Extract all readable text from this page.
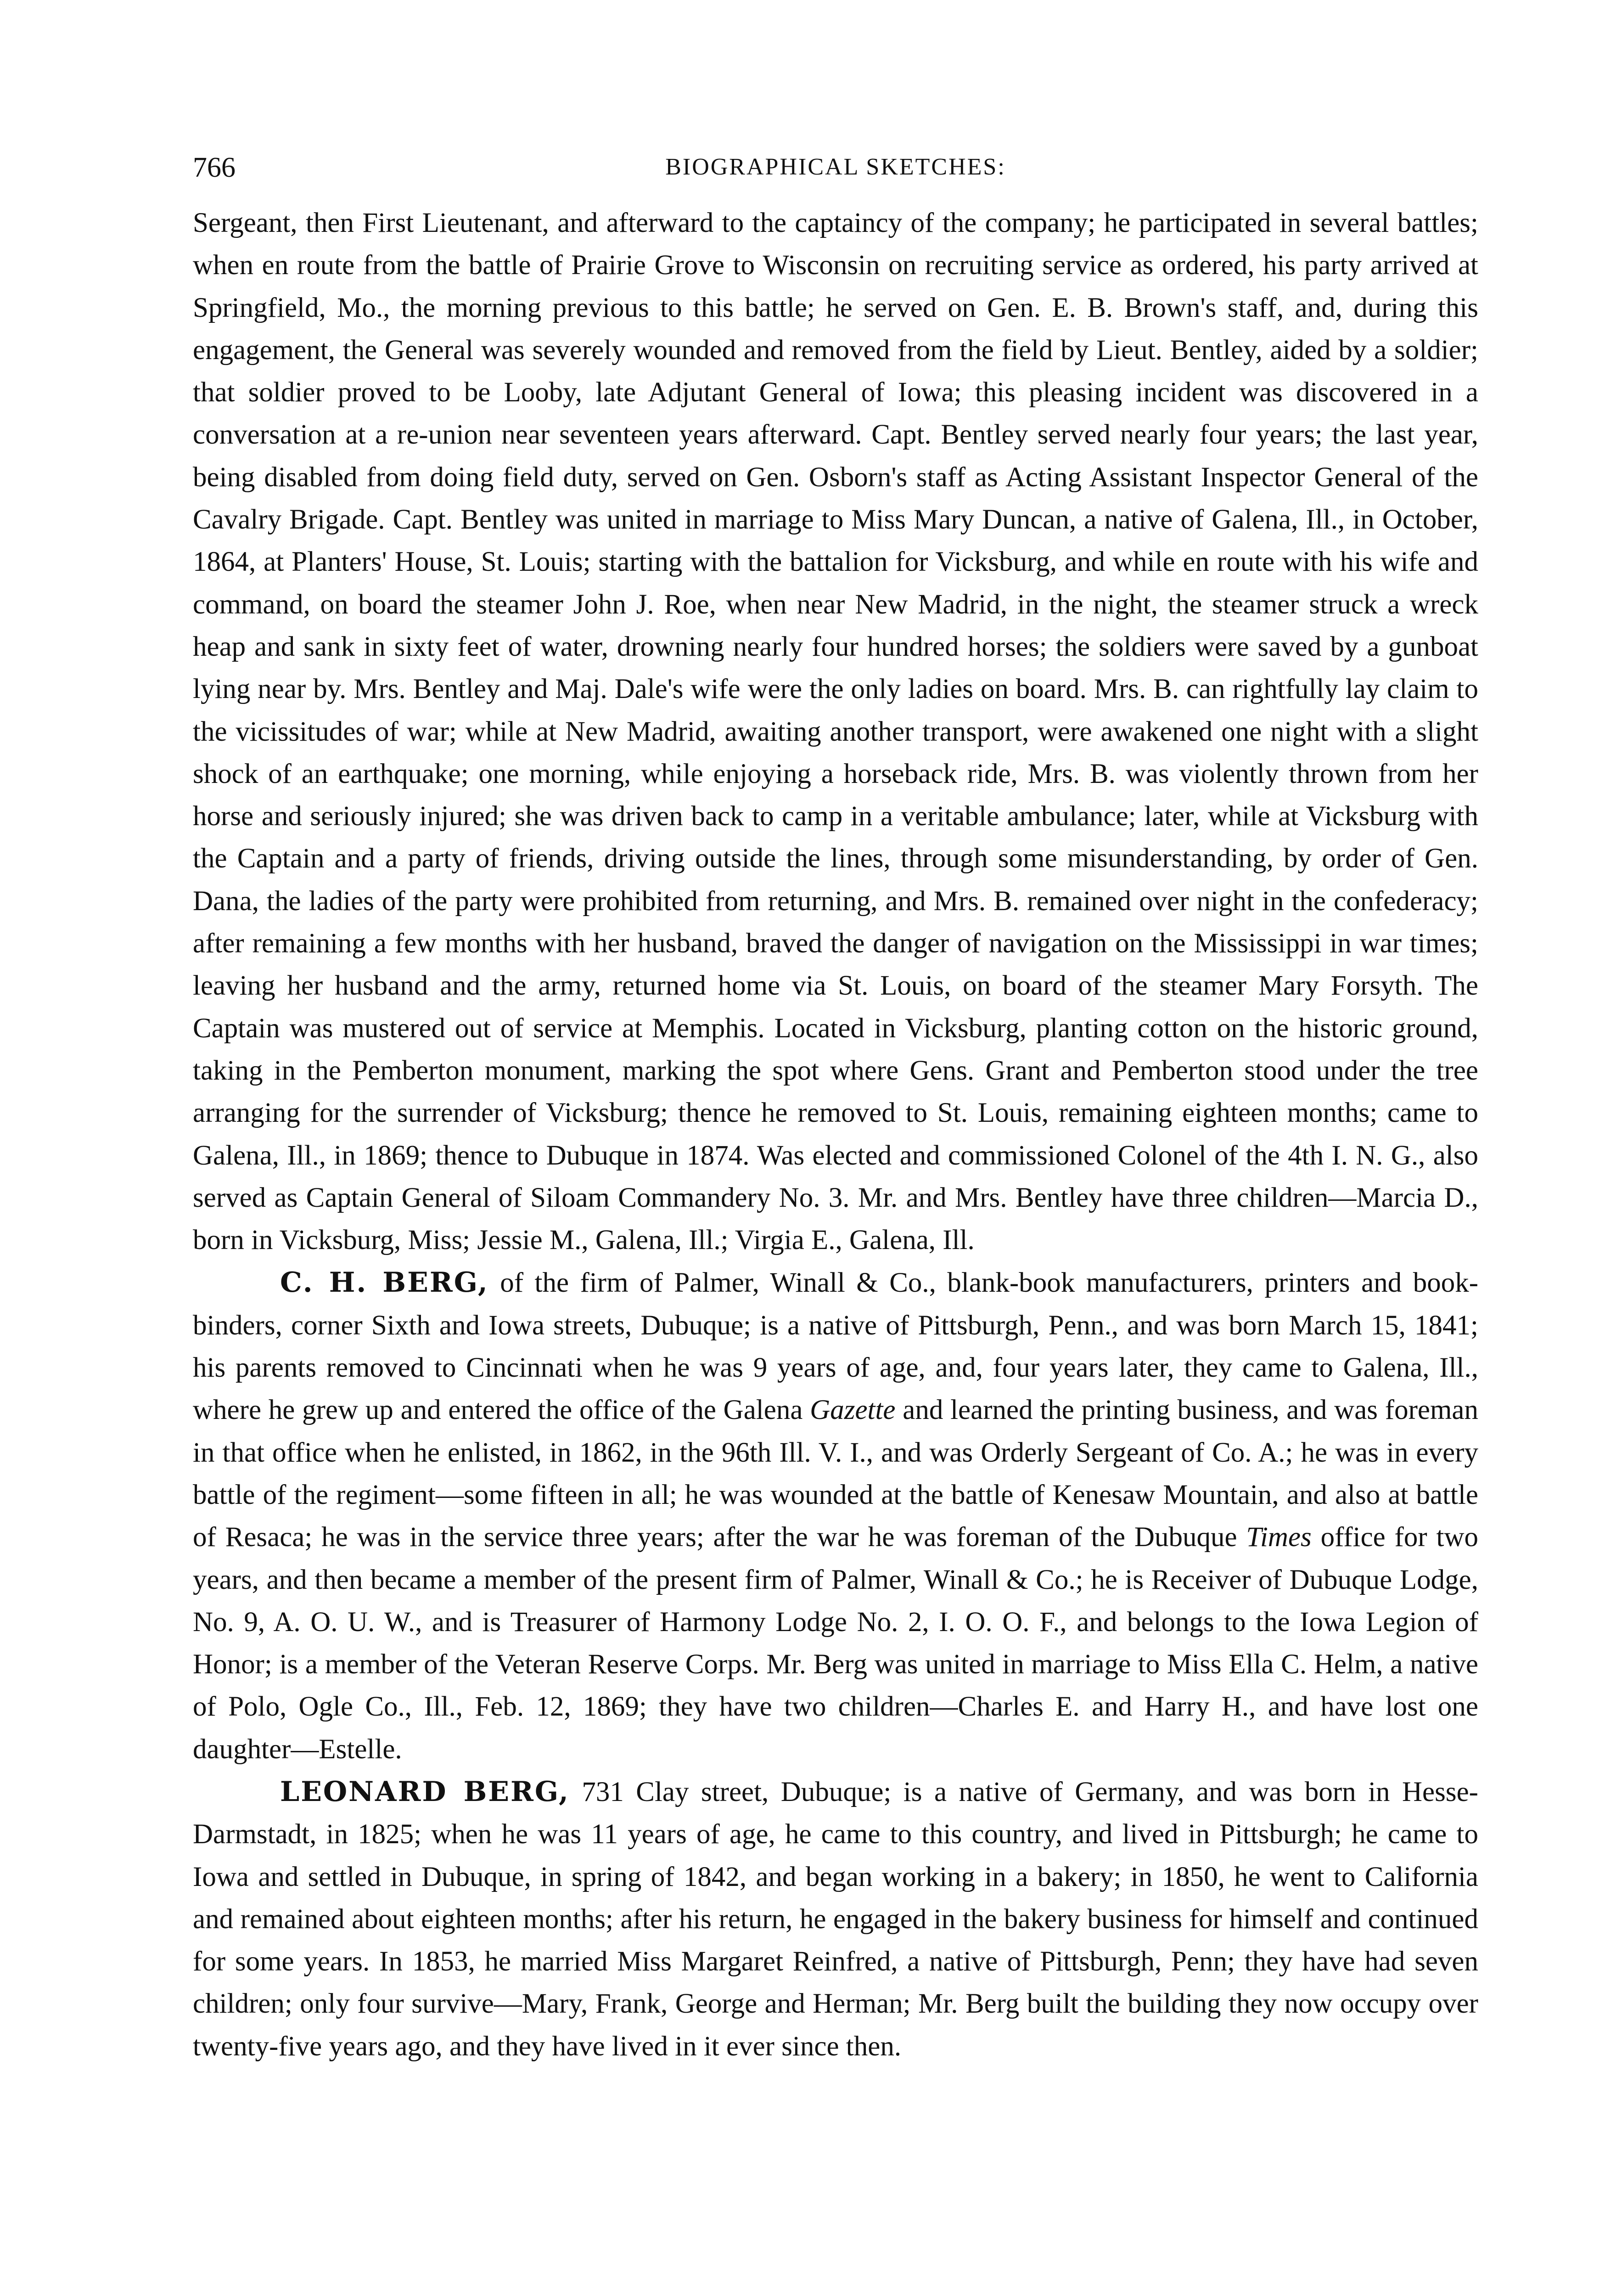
766	BIOGRAPHICAL SKETCHES:

Sergeant, then First Lieutenant, and afterward to the captaincy of the company; he participated in several battles; when en route from the battle of Prairie Grove to Wisconsin on recruiting service as ordered, his party arrived at Springfield, Mo., the morning previous to this battle; he served on Gen. E. B. Brown's staff, and, during this engagement, the General was severely wounded and removed from the field by Lieut. Bentley, aided by a soldier; that soldier proved to be Looby, late Adjutant General of Iowa; this pleasing incident was discovered in a conversation at a re-union near seventeen years afterward. Capt. Bentley served nearly four years; the last year, being disabled from doing field duty, served on Gen. Osborn's staff as Acting Assistant Inspector General of the Cavalry Brigade. Capt. Bentley was united in marriage to Miss Mary Duncan, a native of Galena, Ill., in October, 1864, at Planters' House, St. Louis; starting with the battalion for Vicksburg, and while en route with his wife and command, on board the steamer John J. Roe, when near New Madrid, in the night, the steamer struck a wreck heap and sank in sixty feet of water, drowning nearly four hundred horses; the soldiers were saved by a gunboat lying near by. Mrs. Bentley and Maj. Dale's wife were the only ladies on board. Mrs. B. can rightfully lay claim to the vicissitudes of war; while at New Madrid, awaiting another transport, were awakened one night with a slight shock of an earthquake; one morning, while enjoying a horseback ride, Mrs. B. was violently thrown from her horse and seriously injured; she was driven back to camp in a veritable ambulance; later, while at Vicksburg with the Captain and a party of friends, driving outside the lines, through some misunderstanding, by order of Gen. Dana, the ladies of the party were prohibited from returning, and Mrs. B. remained over night in the confederacy; after remaining a few months with her husband, braved the danger of navigation on the Mississippi in war times; leaving her husband and the army, returned home via St. Louis, on board of the steamer Mary Forsyth. The Captain was mustered out of service at Memphis. Located in Vicksburg, planting cotton on the historic ground, taking in the Pemberton monument, marking the spot where Gens. Grant and Pemberton stood under the tree arranging for the surrender of Vicksburg; thence he removed to St. Louis, remaining eighteen months; came to Galena, Ill., in 1869; thence to Dubuque in 1874. Was elected and commissioned Colonel of the 4th I. N. G., also served as Captain General of Siloam Commandery No. 3. Mr. and Mrs. Bentley have three children—Marcia D., born in Vicksburg, Miss; Jessie M., Galena, Ill.; Virgia E., Galena, Ill.

C. H. BERG, of the firm of Palmer, Winall & Co., blank-book manufacturers, printers and book-binders, corner Sixth and Iowa streets, Dubuque; is a native of Pittsburgh, Penn., and was born March 15, 1841; his parents removed to Cincinnati when he was 9 years of age, and, four years later, they came to Galena, Ill., where he grew up and entered the office of the Galena Gazette and learned the printing business, and was foreman in that office when he enlisted, in 1862, in the 96th Ill. V. I., and was Orderly Sergeant of Co. A.; he was in every battle of the regiment—some fifteen in all; he was wounded at the battle of Kenesaw Mountain, and also at battle of Resaca; he was in the service three years; after the war he was foreman of the Dubuque Times office for two years, and then became a member of the present firm of Palmer, Winall & Co.; he is Receiver of Dubuque Lodge, No. 9, A. O. U. W., and is Treasurer of Harmony Lodge No. 2, I. O. O. F., and belongs to the Iowa Legion of Honor; is a member of the Veteran Reserve Corps. Mr. Berg was united in marriage to Miss Ella C. Helm, a native of Polo, Ogle Co., Ill., Feb. 12, 1869; they have two children—Charles E. and Harry H., and have lost one daughter—Estelle.

LEONARD BERG, 731 Clay street, Dubuque; is a native of Germany, and was born in Hesse-Darmstadt, in 1825; when he was 11 years of age, he came to this country, and lived in Pittsburgh; he came to Iowa and settled in Dubuque, in spring of 1842, and began working in a bakery; in 1850, he went to California and remained about eighteen months; after his return, he engaged in the bakery business for himself and continued for some years. In 1853, he married Miss Margaret Reinfred, a native of Pittsburgh, Penn; they have had seven children; only four survive—Mary, Frank, George and Herman; Mr. Berg built the building they now occupy over twenty-five years ago, and they have lived in it ever since then.
